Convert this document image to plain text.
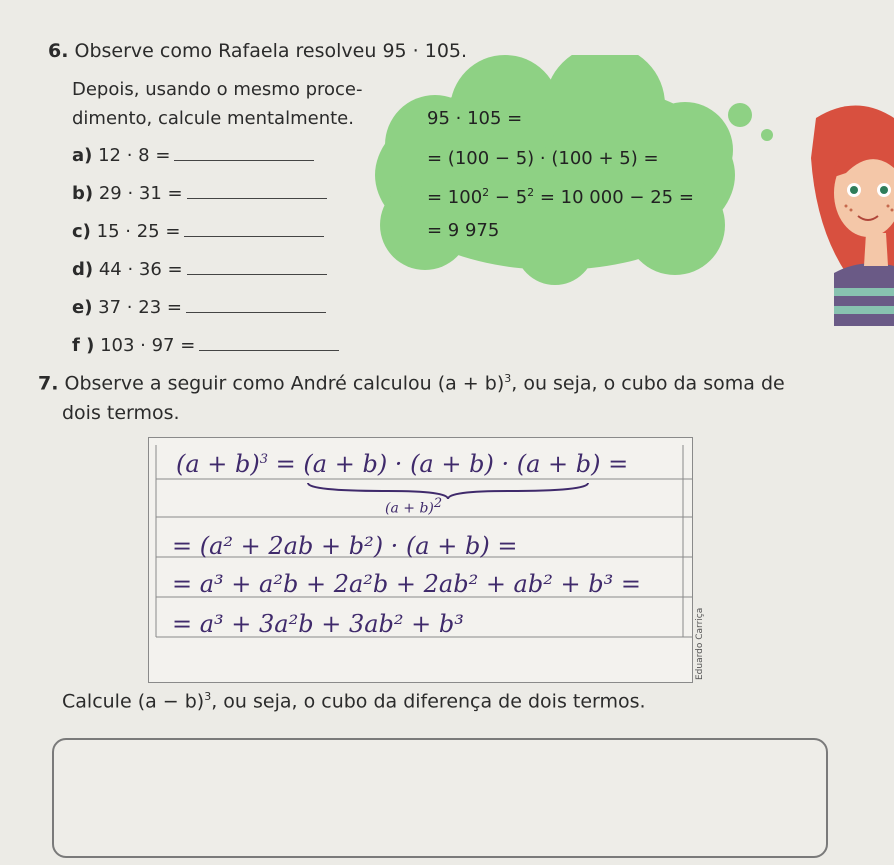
6. Observe como Rafaela resolveu 95 · 105.
Depois, usando o mesmo proce-
dimento, calcule mentalmente.
a) 12 · 8 =
b) 29 · 31 =
c) 15 · 25 =
d) 44 · 36 =
e) 37 · 23 =
f ) 103 · 97 =
95 · 105 =
= (100 − 5) · (100 + 5) =
= $100^2 - 5^2 = 10$ 000 − 25 =
= 9 975
7. Observe a seguir como André calculou $(a + b)^3$, ou seja, o cubo da soma de
dois termos.
$(a + b)^3 = (a + b) \cdot (a + b) \cdot (a + b)$ =
(a + b)2
= (a² + 2ab + b²) · (a + b) =
= a³ + a²b + 2a²b + 2ab² + ab² + b³ =
= a³ + 3a²b + 3ab² + b³	Eduardo Carriça
Calcule $(a - b)^3$, ou seja, o cubo da diferença de dois termos.
